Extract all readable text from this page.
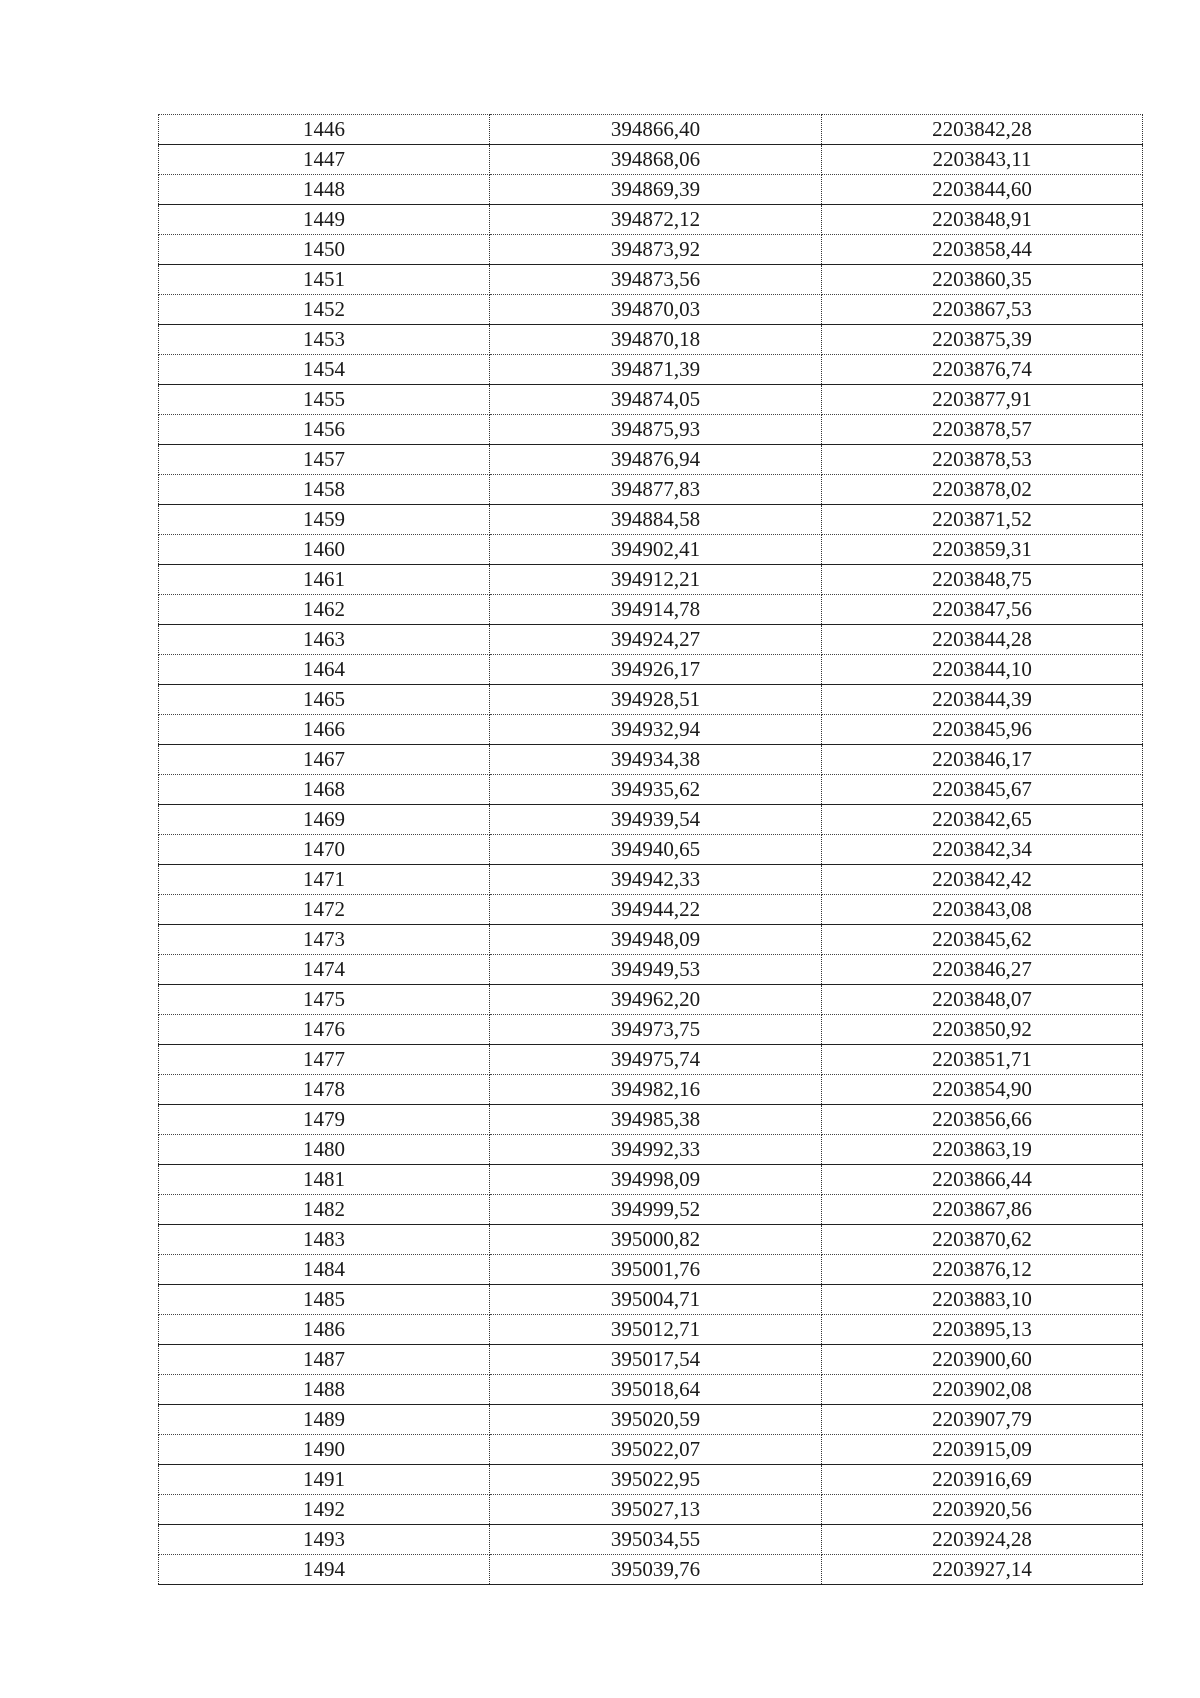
1446	394866,40	2203842,28
1447	394868,06	2203843,11
1448	394869,39	2203844,60
1449	394872,12	2203848,91
1450	394873,92	2203858,44
1451	394873,56	2203860,35
1452	394870,03	2203867,53
1453	394870,18	2203875,39
1454	394871,39	2203876,74
1455	394874,05	2203877,91
1456	394875,93	2203878,57
1457	394876,94	2203878,53
1458	394877,83	2203878,02
1459	394884,58	2203871,52
1460	394902,41	2203859,31
1461	394912,21	2203848,75
1462	394914,78	2203847,56
1463	394924,27	2203844,28
1464	394926,17	2203844,10
1465	394928,51	2203844,39
1466	394932,94	2203845,96
1467	394934,38	2203846,17
1468	394935,62	2203845,67
1469	394939,54	2203842,65
1470	394940,65	2203842,34
1471	394942,33	2203842,42
1472	394944,22	2203843,08
1473	394948,09	2203845,62
1474	394949,53	2203846,27
1475	394962,20	2203848,07
1476	394973,75	2203850,92
1477	394975,74	2203851,71
1478	394982,16	2203854,90
1479	394985,38	2203856,66
1480	394992,33	2203863,19
1481	394998,09	2203866,44
1482	394999,52	2203867,86
1483	395000,82	2203870,62
1484	395001,76	2203876,12
1485	395004,71	2203883,10
1486	395012,71	2203895,13
1487	395017,54	2203900,60
1488	395018,64	2203902,08
1489	395020,59	2203907,79
1490	395022,07	2203915,09
1491	395022,95	2203916,69
1492	395027,13	2203920,56
1493	395034,55	2203924,28
1494	395039,76	2203927,14
